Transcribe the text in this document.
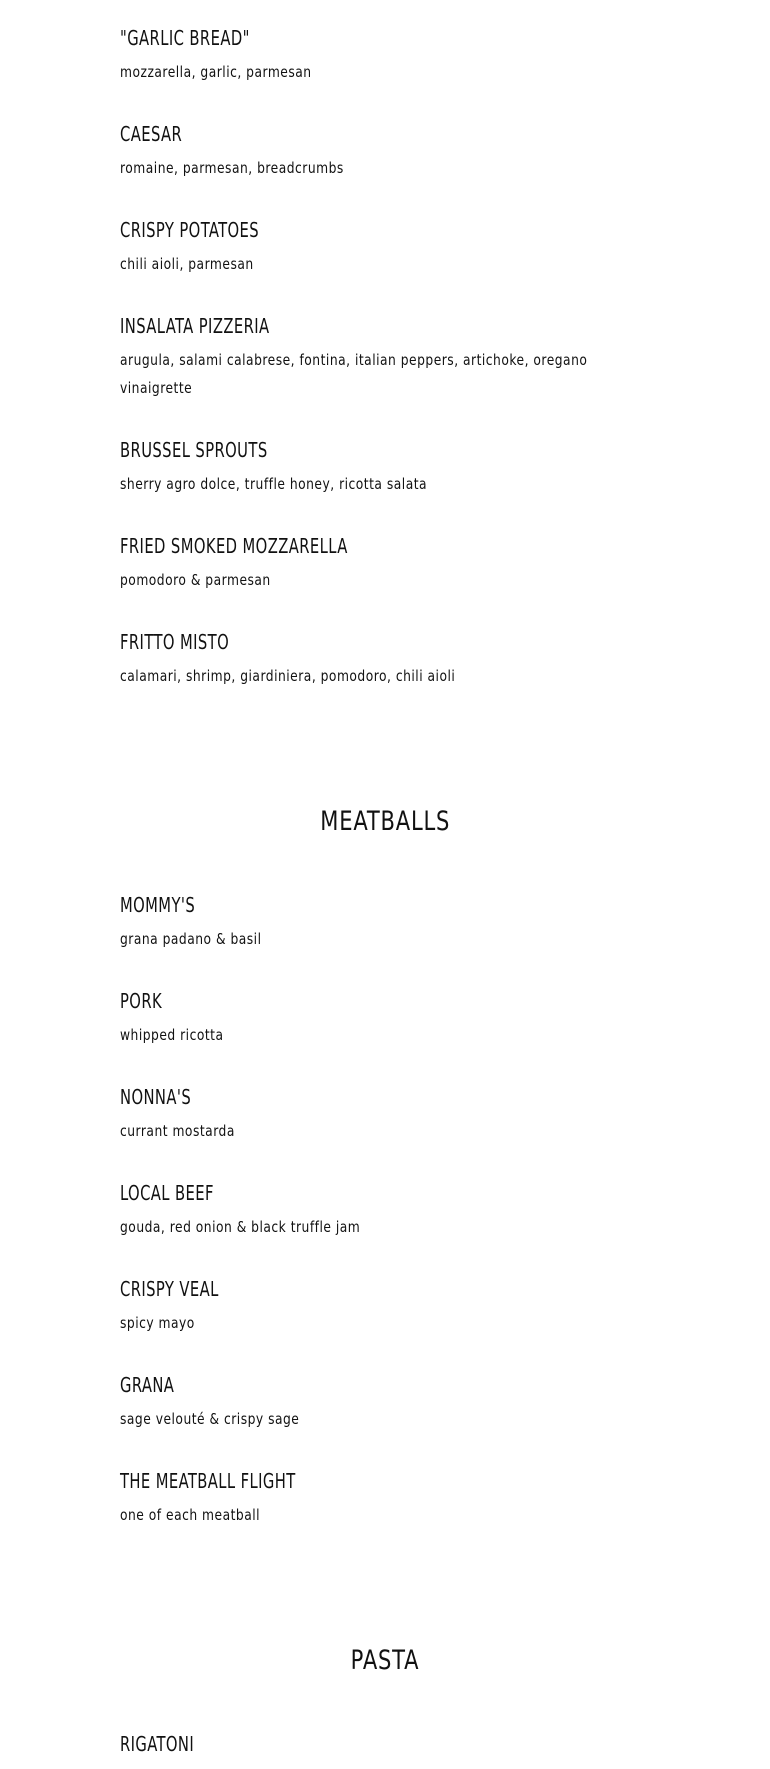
"GARLIC BREAD"

mozzarella, garlic, parmesan

CAESAR

romaine, parmesan, breadcrumbs

CRISPY POTATOES

chili aioli, parmesan

INSALATA PIZZERIA

arugula, salami calabrese, fontina, italian peppers, artichoke, oregano vinaigrette

BRUSSEL SPROUTS

sherry agro dolce, truffle honey, ricotta salata

FRIED SMOKED MOZZARELLA

pomodoro & parmesan

FRITTO MISTO

calamari, shrimp, giardiniera, pomodoro, chili aioli

MEATBALLS
MOMMY'S

grana padano & basil

PORK

whipped ricotta

NONNA'S

currant mostarda

LOCAL BEEF

gouda, red onion & black truffle jam

CRISPY VEAL

spicy mayo

GRANA

sage velouté & crispy sage

THE MEATBALL FLIGHT

one of each meatball

PASTA
RIGATONI
